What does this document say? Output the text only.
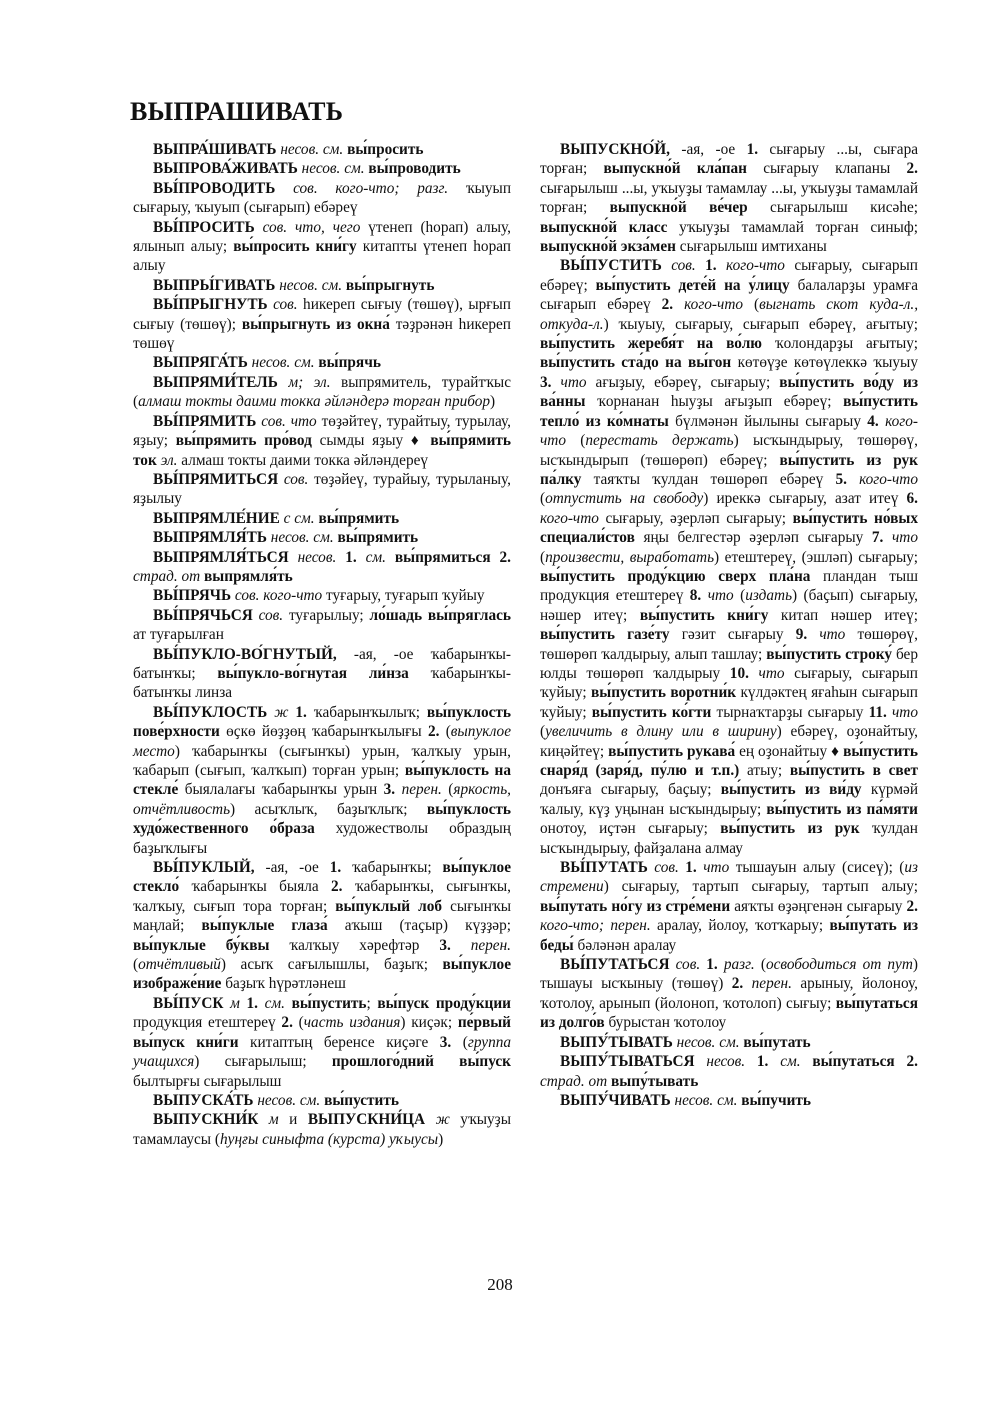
ВЫПРАШИВАТЬ

ВЫПРА́ШИВАТЬ несов. см. вы́просить

ВЫПРОВА́ЖИВАТЬ несов. см. вы́проводить

ВЫ́ПРОВОДИТЬ сов. кого-что; разг. ҡыуып сығарыу, ҡыуып (сығарып) ебәреү

ВЫ́ПРОСИТЬ сов. что, чего үтенеп (һорап) алыу, ялынып алыу; вы́просить кни́гу китапты үтенеп һорап алыу

ВЫПРЫ́ГИВАТЬ несов. см. вы́прыгнуть

ВЫ́ПРЫГНУТЬ сов. һикереп сығыу (төшөү), ырғып сығыу (төшөү); вы́прыгнуть из окна́ тәҙрәнән һикереп төшөү

ВЫПРЯГА́ТЬ несов. см. вы́прячь

ВЫПРЯМИ́ТЕЛЬ м; эл. выпрямитель, турайтҡыс (алмаш токты даими токка әйләндерә торған прибор)

ВЫ́ПРЯМИТЬ сов. что төҙәйтеү, турайтыу, турылау, яҙыу; вы́прямить про́вод сымды яҙыу ♦ вы́прямить ток эл. алмаш токты даими токка әйләндереү

ВЫ́ПРЯМИТЬСЯ сов. төҙәйеү, турайыу, турыланыу, яҙылыу

ВЫПРЯМЛЕ́НИЕ с см. вы́прямить

ВЫПРЯМЛЯ́ТЬ несов. см. вы́прямить

ВЫПРЯМЛЯ́ТЬСЯ несов. 1. см. вы́прямиться 2. страд. от выпрямля́ть

ВЫ́ПРЯЧЬ сов. кого-что туғарыу, туғарып ҡуйыу

ВЫ́ПРЯЧЬСЯ сов. туғарылыу; ло́шадь вы́пряглась ат туғарылған

ВЫ́ПУКЛО-ВО́ГНУТЫЙ, -ая, -ое ҡабарынҡы-батынҡы; вы́пукло-во́гнутая ли́нза ҡабарынҡы-батынҡы линза

ВЫ́ПУКЛОСТЬ ж 1. ҡабарынҡылыҡ; вы́пуклость пове́рхности өҫкө йөҙҙөң ҡабарынҡылығы 2. (выпуклое место) ҡабарынҡы (сығынҡы) урын, ҡалҡыу урын, ҡабарып (сығып, ҡалҡып) торған урын; вы́пуклость на стекле́ быялалағы ҡабарынҡы урын 3. перен. (яркость, отчётливость) асыҡлыҡ, баҙыҡлыҡ; вы́пуклость худо́жественного о́браза художестволы образдың баҙыҡлығы

ВЫ́ПУКЛЫЙ, -ая, -ое 1. ҡабарынҡы; вы́пуклое стекло́ ҡабарынҡы быяла 2. ҡабарынҡы, сығынҡы, ҡалҡыу, сығып тора торған; вы́пуклый лоб сығынҡы маңлай; вы́пуклые глаза́ аҡыш (таҫыр) күҙҙәр; вы́пуклые бу́квы ҡалҡыу хәрефтәр 3. перен. (отчётливый) асыҡ сағылышлы, баҙыҡ; вы́пуклое изображе́ние баҙыҡ һүрәтләнеш

ВЫ́ПУСК м 1. см. вы́пустить; вы́пуск проду́кции продукция етештереү 2. (часть издания) киҫәк; пе́рвый вы́пуск кни́ги китаптың беренсе киҫәге 3. (группа учащихся) сығарылыш; прошлого́дний вы́пуск былтырғы сығарылыш

ВЫПУСКА́ТЬ несов. см. вы́пустить

ВЫПУСКНИ́К м и ВЫПУСКНИ́ЦА ж уҡыуҙы тамамлаусы (һуңғы синыфта (курста) уҡыусы)

ВЫПУСКНО́Й, -ая, -ое 1. сығарыу ...ы, сығара торған; выпускно́й кла́пан сығарыу клапаны 2. сығарылыш ...ы, уҡыуҙы тамамлау ...ы, уҡыуҙы тамамлай торған; выпускно́й ве́чер сығарылыш кисәһе; выпускно́й класс уҡыуҙы тамамлай торған синыф; выпускно́й экза́мен сығарылыш имтиханы

ВЫ́ПУСТИТЬ сов. 1. кого-что сығарыу, сығарып ебәреү; вы́пустить дете́й на у́лицу балаларҙы урамға сығарып ебәреү 2. кого-что (выгнать скот куда-л., откуда-л.) ҡыуыу, сығарыу, сығарып ебәреү, ағытыу; вы́пустить жеребя́т на во́лю ҡолондарҙы ағытыу; вы́пустить ста́до на вы́гон көтөүҙе көтөүлеккә ҡыуыу 3. что ағыҙыу, ебәреү, сығарыу; вы́пустить во́ду из ва́нны ҡорнанан һыуҙы ағыҙып ебәреү; вы́пустить тепло́ из ко́мнаты бүлмәнән йылыны сығарыу 4. кого-что (перестать держать) ысҡындырыу, төшөрөү, ысҡындырып (төшөрөп) ебәреү; вы́пустить из рук па́лку таяҡты ҡулдан төшөрөп ебәреү 5. кого-что (отпустить на свободу) иреккә сығарыу, азат итеү 6. кого-что сығарыу, әҙерләп сығарыу; вы́пустить но́вых специали́стов яңы белгестәр әҙерләп сығарыу 7. что (произвести, выработать) етештереү, (эшләп) сығарыу; вы́пустить проду́кцию сверх пла́на пландан тыш продукция етештереү 8. что (издать) (баҫып) сығарыу, нәшер итеү; вы́пустить кни́гу китап нәшер итеү; вы́пустить газе́ту гәзит сығарыу 9. что төшөрөү, төшөрөп ҡалдырыу, алып ташлау; вы́пустить строку́ бер юлды төшөрөп ҡалдырыу 10. что сығарыу, сығарып ҡуйыу; вы́пустить воротни́к күлдәктең яғаһын сығарып ҡуйыу; вы́пустить ко́гти тырнаҡтарҙы сығарыу 11. что (увеличить в длину или в ширину) ебәреү, оҙонайтыу, киңәйтеү; вы́пустить рукава́ ең оҙонайтыу ♦ вы́пустить снаря́д (заря́д, пу́лю и т.п.) атыу; вы́пустить в свет донъяға сығарыу, баҫыу; вы́пустить из ви́ду күрмәй ҡалыу, күҙ уңынан ысҡындырыу; вы́пустить из па́мяти онотоу, иҫтән сығарыу; вы́пустить из рук ҡулдан ысҡындырыу, файҙалана алмау

ВЫ́ПУТАТЬ сов. 1. что тышауын алыу (сисеү); (из стремени) сығарыу, тартып сығарыу, тартып алыу; вы́путать но́гу из стре́мени аяҡты өҙәңгенән сығарыу 2. кого-что; перен. аралау, йолоу, ҡотҡарыу; вы́путать из беды́ бәләнән аралау

ВЫ́ПУТАТЬСЯ сов. 1. разг. (освободиться от пут) тышауы ысҡыныу (төшөү) 2. перен. арыныу, йолоноу, ҡотолоу, арынып (йолоноп, ҡотолоп) сығыу; вы́путаться из долго́в бурыстан ҡотолоу

ВЫПУ́ТЫВАТЬ несов. см. вы́путать

ВЫПУ́ТЫВАТЬСЯ несов. 1. см. вы́путаться 2. страд. от выпу́тывать

ВЫПУ́ЧИВАТЬ несов. см. вы́пучить

208
